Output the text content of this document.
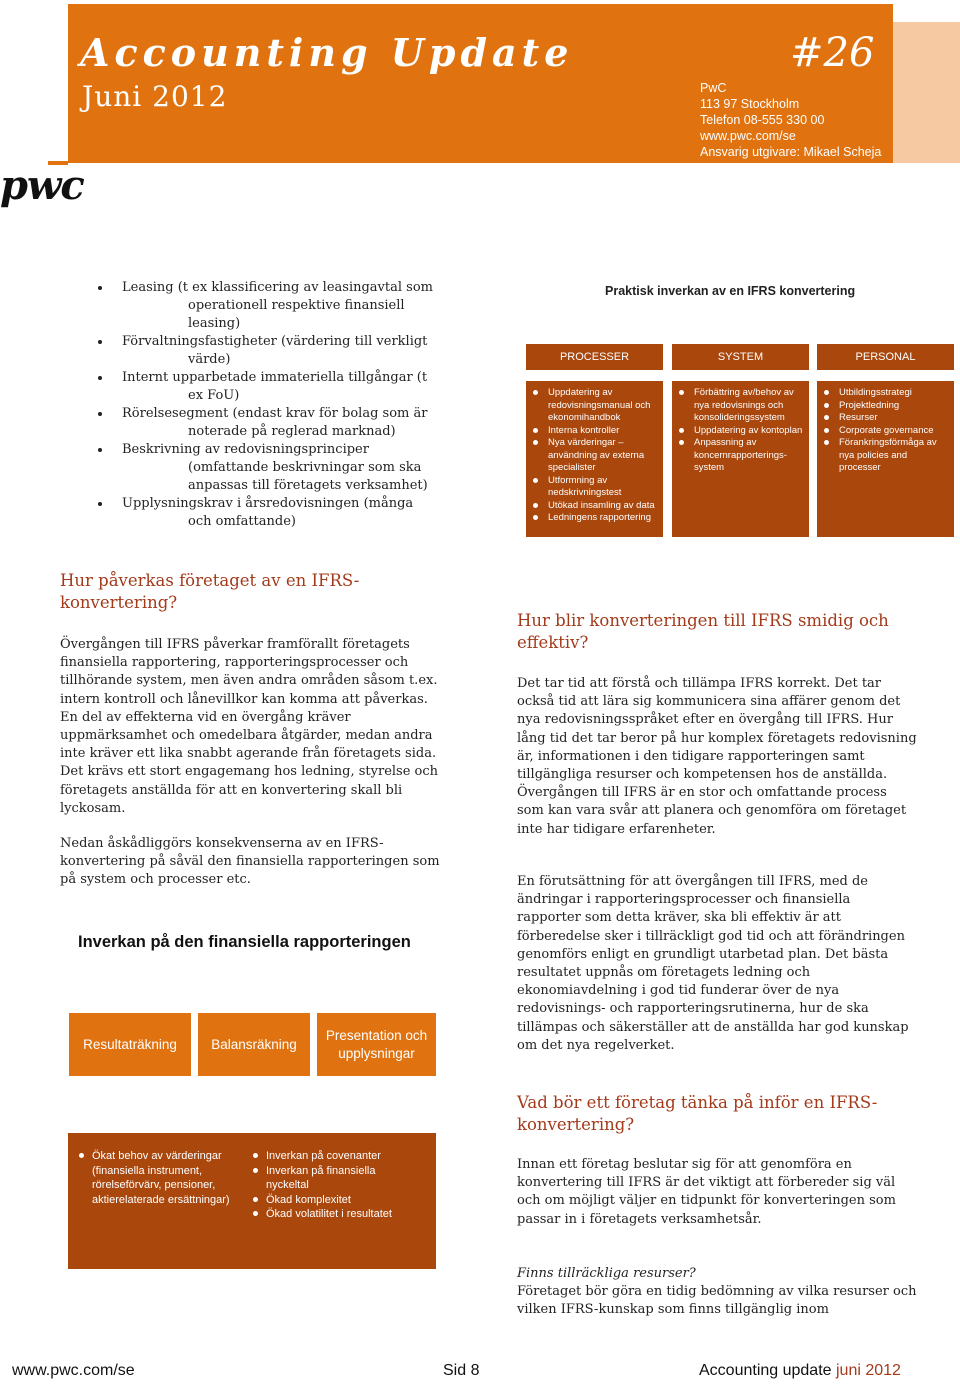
Accounting Update	#26
Juni 2012	PwC
113 97 Stockholm
Telefon 08-555 330 00
www.pwc.com/se
Ansvarig utgivare: Mikael Scheja
pwc
Leasing (t ex klassificering av leasingavtal som
operationell respektive finansiell
leasing)
Förvaltningsfastigheter (värdering till verkligt
värde)
Internt upparbetade immateriella tillgångar (t
ex FoU)
Rörelsesegment (endast krav för bolag som är
noterade på reglerad marknad)
Beskrivning av redovisningsprinciper
(omfattande beskrivningar som ska
anpassas till företagets verksamhet)
Upplysningskrav i årsredovisningen (många
och omfattande)
Praktisk inverkan av en IFRS konvertering
PROCESSER	SYSTEM	PERSONAL
Uppdatering av redovisningsmanual och ekonomihandbok
Interna kontroller
Nya värderingar – användning av externa specialister
Utformning av nedskrivningstest
Utökad insamling av data
Ledningens rapportering
Förbättring av/behov av nya redovisnings och konsolideringssystem
Uppdatering av kontoplan
Anpassning av koncernrapporterings-system
Utbildingsstrategi
Projektledning
Resurser
Corporate governance
Förankringsförmåga av nya policies and processer
Hur påverkas företaget av en IFRS-konvertering?

Övergången till IFRS påverkar framförallt företagets finansiella rapportering, rapporteringsprocesser och tillhörande system, men även andra områden såsom t.ex. intern kontroll och lånevillkor kan komma att påverkas. En del av effekterna vid en övergång kräver uppmärksamhet och omedelbara åtgärder, medan andra inte kräver ett lika snabbt agerande från företagets sida. Det krävs ett stort engagemang hos ledning, styrelse och företagets anställda för att en konvertering skall bli lyckosam.

Nedan åskådliggörs konsekvenserna av en IFRS-konvertering på såväl den finansiella rapporteringen som på system och processer etc.

Inverkan på den finansiella rapporteringen
Resultaträkning	Balansräkning
Presentation och upplysningar
Ökat behov av värderingar (finansiella instrument, rörelseförvärv, pensioner, aktierelaterade ersättningar)
Inverkan på covenanter
Inverkan på finansiella nyckeltal
Ökad komplexitet
Ökad volatilitet i resultatet
Hur blir konverteringen till IFRS smidig och effektiv?

Det tar tid att förstå och tillämpa IFRS korrekt. Det tar också tid att lära sig kommunicera sina affärer genom det nya redovisningsspråket efter en övergång till IFRS. Hur lång tid det tar beror på hur komplex företagets redovisning är, informationen i den tidigare rapporteringen samt tillgängliga resurser och kompetensen hos de anställda. Övergången till IFRS är en stor och omfattande process som kan vara svår att planera och genomföra om företaget inte har tidigare erfarenheter.

En förutsättning för att övergången till IFRS, med de ändringar i rapporteringsprocesser och finansiella rapporter som detta kräver, ska bli effektiv är att förberedelse sker i tillräckligt god tid och att förändringen genomförs enligt en grundligt utarbetad plan. Det bästa resultatet uppnås om företagets ledning och ekonomiavdelning i god tid funderar över de nya redovisnings- och rapporteringsrutinerna, hur de ska tillämpas och säkerställer att de anställda har god kunskap om det nya regelverket.

Vad bör ett företag tänka på inför en IFRS-konvertering?

Innan ett företag beslutar sig för att genomföra en konvertering till IFRS är det viktigt att förbereder sig väl och om möjligt väljer en tidpunkt för konverteringen som passar in i företagets verksamhetsår.

Finns tillräckliga resurser?

Företaget bör göra en tidig bedömning av vilka resurser och vilken IFRS-kunskap som finns tillgänglig inom

www.pwc.com/se	Sid 8	Accounting update juni 2012
